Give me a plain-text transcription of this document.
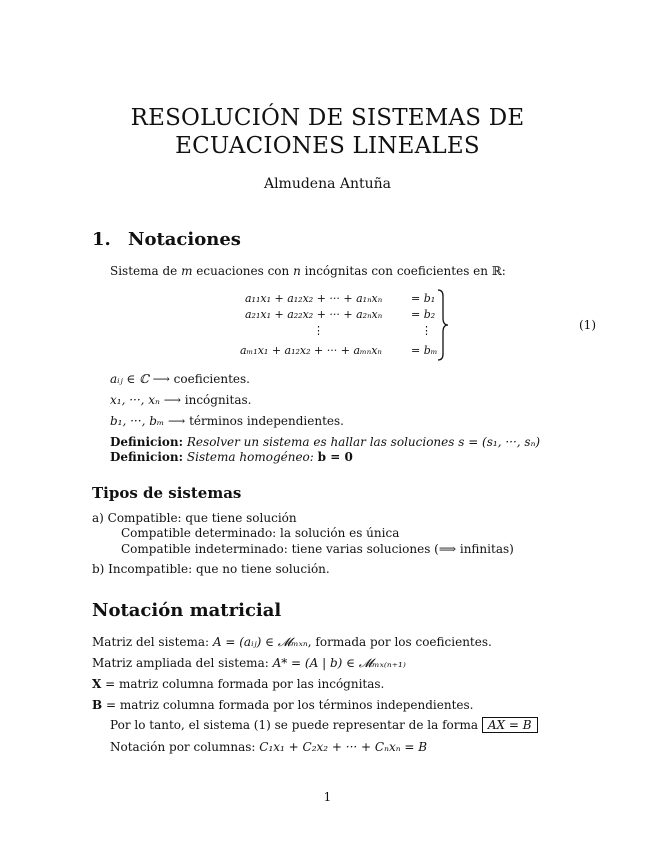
RESOLUCIÓN DE SISTEMAS DE
ECUACIONES LINEALES
Almudena Antuña
1. Notaciones
Sistema de m ecuaciones con n incógnitas con coeficientes en ℝ:
a₁₁x₁ + a₁₂x₂ + ··· + a₁ₙxₙ	= b₁
a₂₁x₁ + a₂₂x₂ + ··· + a₂ₙxₙ	= b₂
⋮	⋮
aₘ₁x₁ + a₁₂x₂ + ··· + aₘₙxₙ	= bₘ
(1)
aᵢⱼ ∈ ℂ ⟶ coeficientes.
x₁, ···, xₙ ⟶ incógnitas.
b₁, ···, bₘ ⟶ términos independientes.
Definicion: Resolver un sistema es hallar las soluciones s = (s₁, ···, sₙ)
Definicion: Sistema homogéneo: b = 0
Tipos de sistemas
a) Compatible: que tiene solución
Compatible determinado: la solución es única
Compatible indeterminado: tiene varias soluciones (⟹ infinitas)
b) Incompatible: que no tiene solución.
Notación matricial
Matriz del sistema: A = (aᵢⱼ) ∈ 𝓜ₘₓₙ, formada por los coeficientes.
Matriz ampliada del sistema: A* = (A | b) ∈ 𝓜ₘₓ₍ₙ₊₁₎
X = matriz columna formada por las incógnitas.
B = matriz columna formada por los términos independientes.
Por lo tanto, el sistema (1) se puede representar de la forma AX = B
Notación por columnas: C₁x₁ + C₂x₂ + ··· + Cₙxₙ = B
1
